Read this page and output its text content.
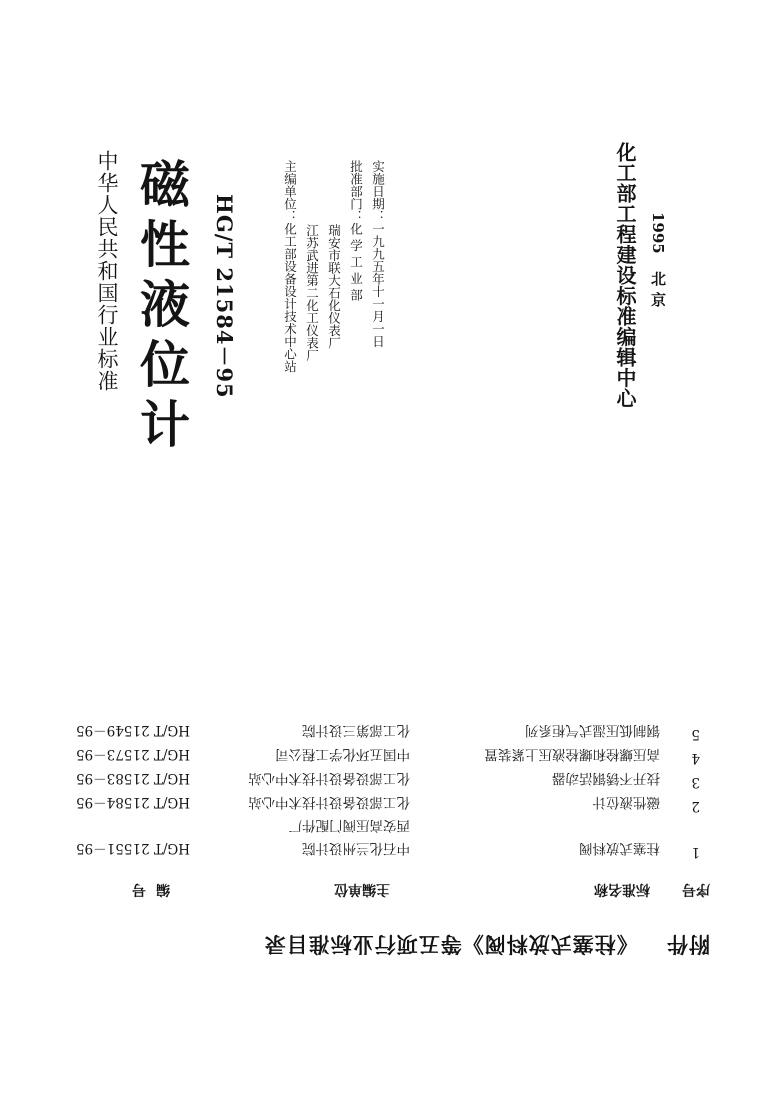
中华人民共和国行业标准 磁性液位计 HG/T 21584－95	主编单位：化工部设备设计技术中心站 江苏武进第二化工仪表厂 瑞安市联大石化仪表厂 批准部门：化 学 工 业 部 实施日期：一九九五年十一月一日	化工部工程建设标准编辑中心 1995 北京

附件 《柱塞式放料阀》等五项行业标准目录
序号
标准名称
主编单位
编号
1
柱塞式放料阀
中石化兰州设计院
HG/T 21551－95
西安高压阀门配件厂
2
磁性液位计
化工部设备设计技术中心站
HG/T 21584－95
3
技开不锈钢活动器
化工部设备设计技术中心站
HG/T 21583－95
4
高压螺栓和螺栓液压上紧装置
中国五环化学工程公司
HG/T 21573－95
5
钢制低压湿式气柜系列
化工部第三设计院
HG/T 21549－95
